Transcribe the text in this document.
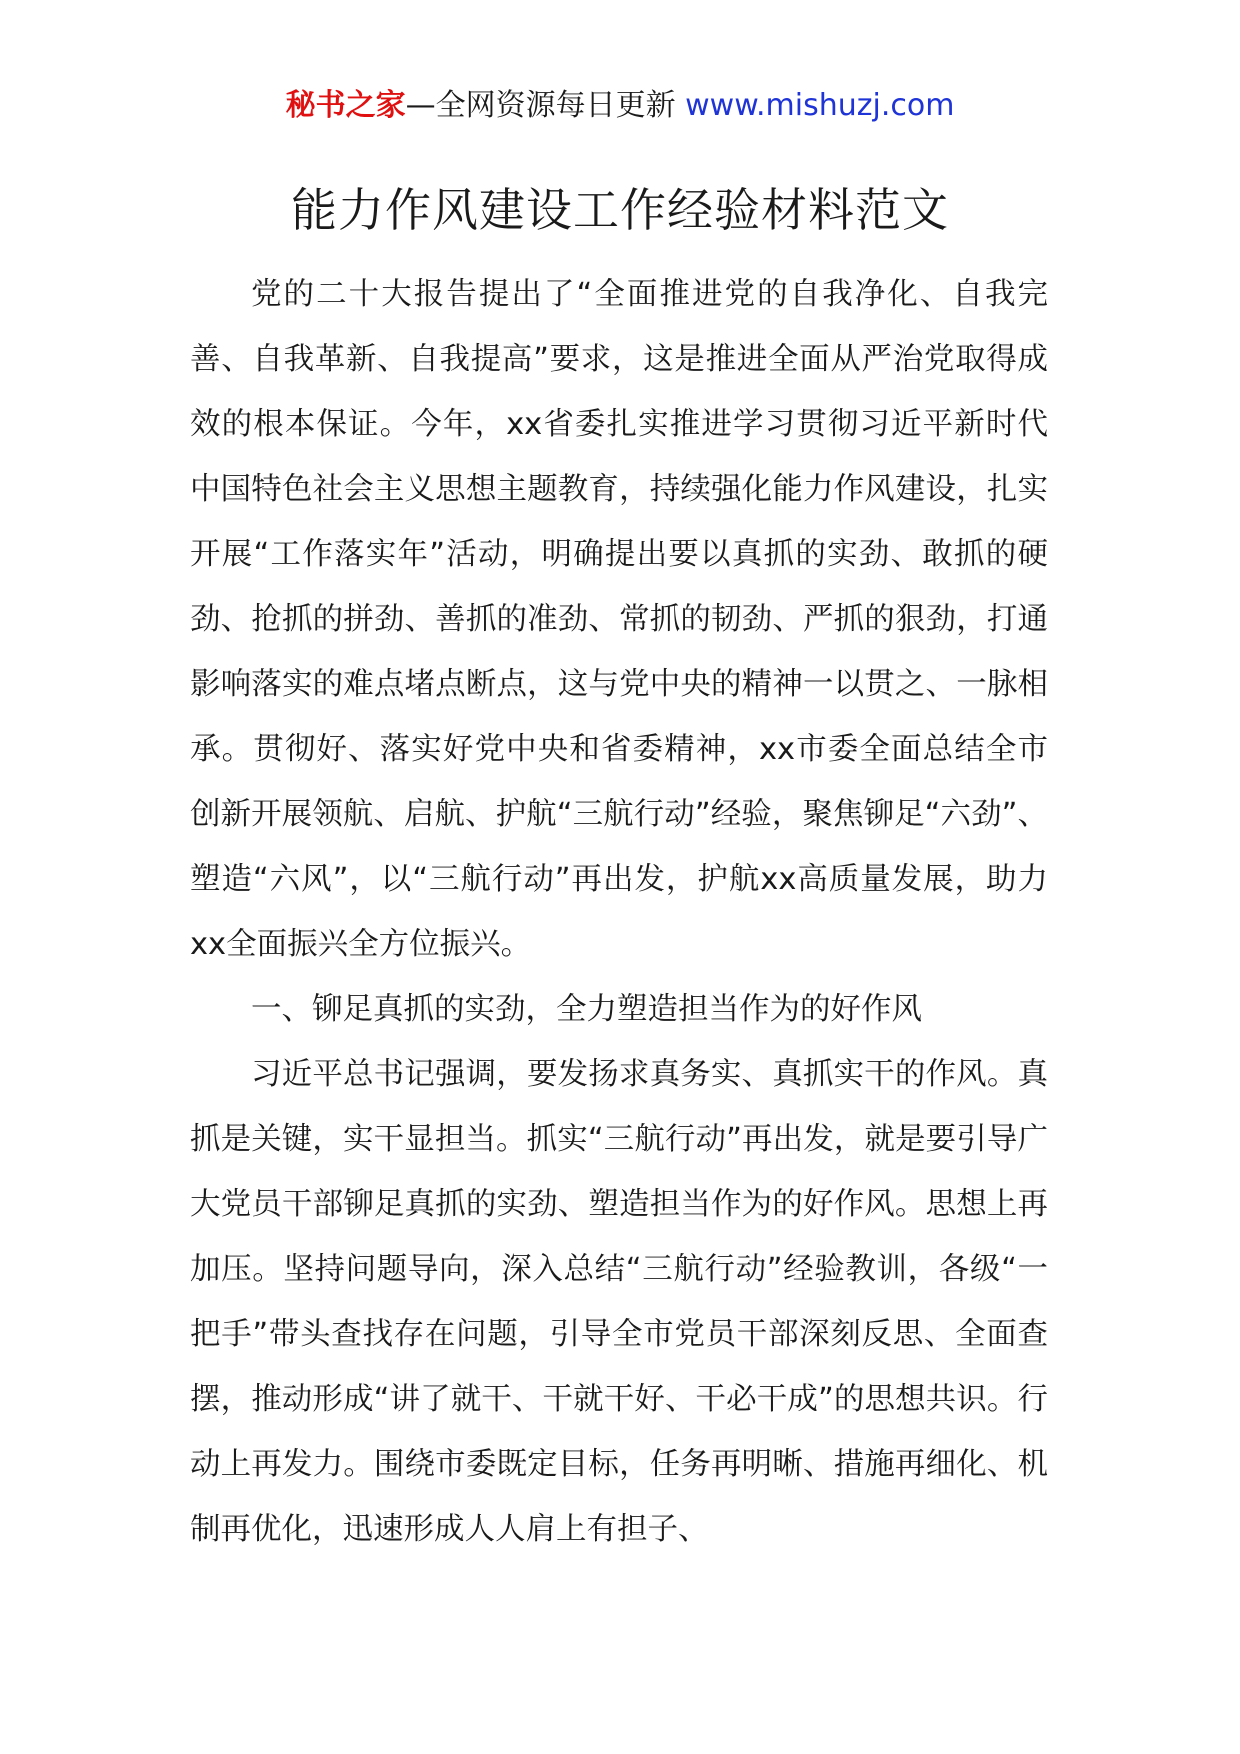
秘书之家—全网资源每日更新 www.mishuzj.com
能力作风建设工作经验材料范文

党的二十大报告提出了“全面推进党的自我净化、自我完善、自我革新、自我提高”要求，这是推进全面从严治党取得成效的根本保证。今年，xx省委扎实推进学习贯彻习近平新时代中国特色社会主义思想主题教育，持续强化能力作风建设，扎实开展“工作落实年”活动，明确提出要以真抓的实劲、敢抓的硬劲、抢抓的拼劲、善抓的准劲、常抓的韧劲、严抓的狠劲，打通影响落实的难点堵点断点，这与党中央的精神一以贯之、一脉相承。贯彻好、落实好党中央和省委精神，xx市委全面总结全市创新开展领航、启航、护航“三航行动”经验，聚焦铆足“六劲”、塑造“六风”，以“三航行动”再出发，护航xx高质量发展，助力xx全面振兴全方位振兴。

一、铆足真抓的实劲，全力塑造担当作为的好作风

习近平总书记强调，要发扬求真务实、真抓实干的作风。真抓是关键，实干显担当。抓实“三航行动”再出发，就是要引导广大党员干部铆足真抓的实劲、塑造担当作为的好作风。思想上再加压。坚持问题导向，深入总结“三航行动”经验教训，各级“一把手”带头查找存在问题，引导全市党员干部深刻反思、全面查摆，推动形成“讲了就干、干就干好、干必干成”的思想共识。行动上再发力。围绕市委既定目标，任务再明晰、措施再细化、机制再优化，迅速形成人人肩上有担子、
